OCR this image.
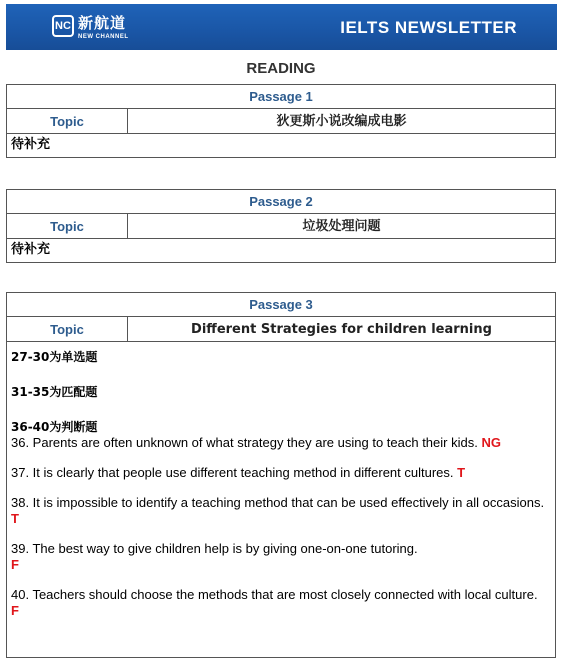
NC 新航道
NEW CHANNEL	IELTS NEWSLETTER
READING
Passage 1
Topic	狄更斯小说改编成电影
待补充
Passage 2
Topic	垃圾处理问题
待补充
Passage 3
Topic	Different Strategies for children learning
27-30为单选题
31-35为匹配题
36-40为判断题

36. Parents are often unknown of what strategy they are using to teach their kids. NG

37. It is clearly that people use different teaching method in different cultures. T

38. It is impossible to identify a teaching method that can be used effectively in all occasions.
T

39. The best way to give children help is by giving one-on-one tutoring.
F

40. Teachers should choose the methods that are most closely connected with local culture.
F
